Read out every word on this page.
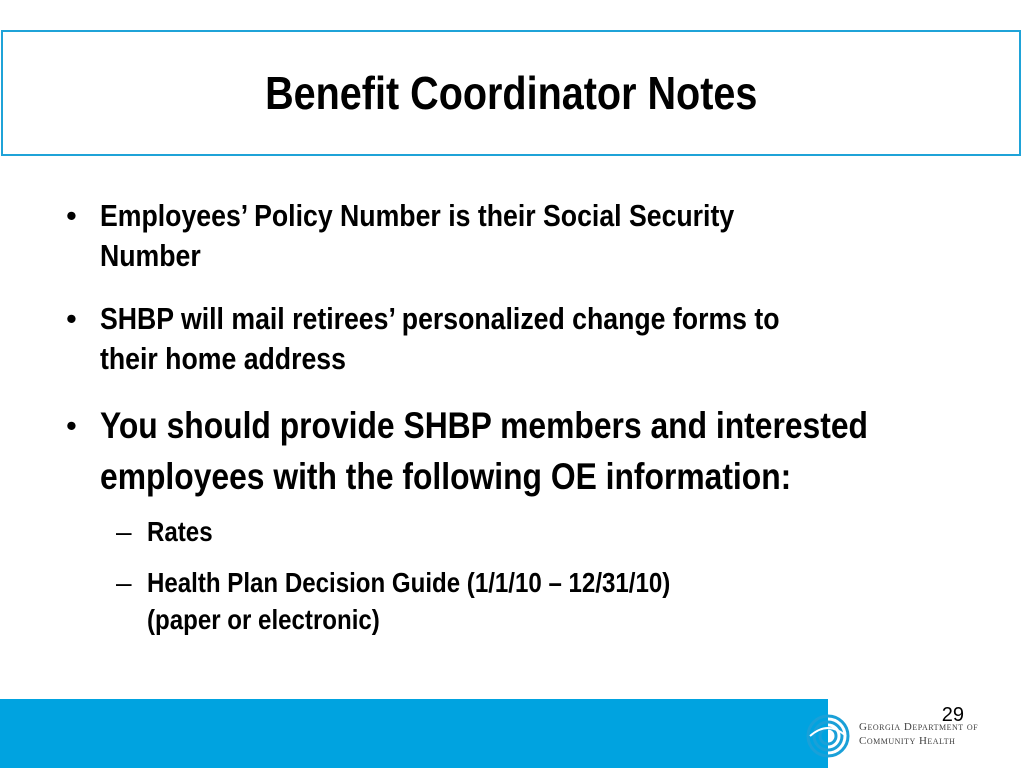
Benefit Coordinator Notes
• Employees’ Policy Number is their Social Security
Number
• SHBP will mail retirees’ personalized change forms to
their home address
• You should provide SHBP members and interested
employees with the following OE information:
– Rates
– Health Plan Decision Guide (1/1/10 – 12/31/10)
(paper or electronic)
29
Georgia Department of
Community Health
